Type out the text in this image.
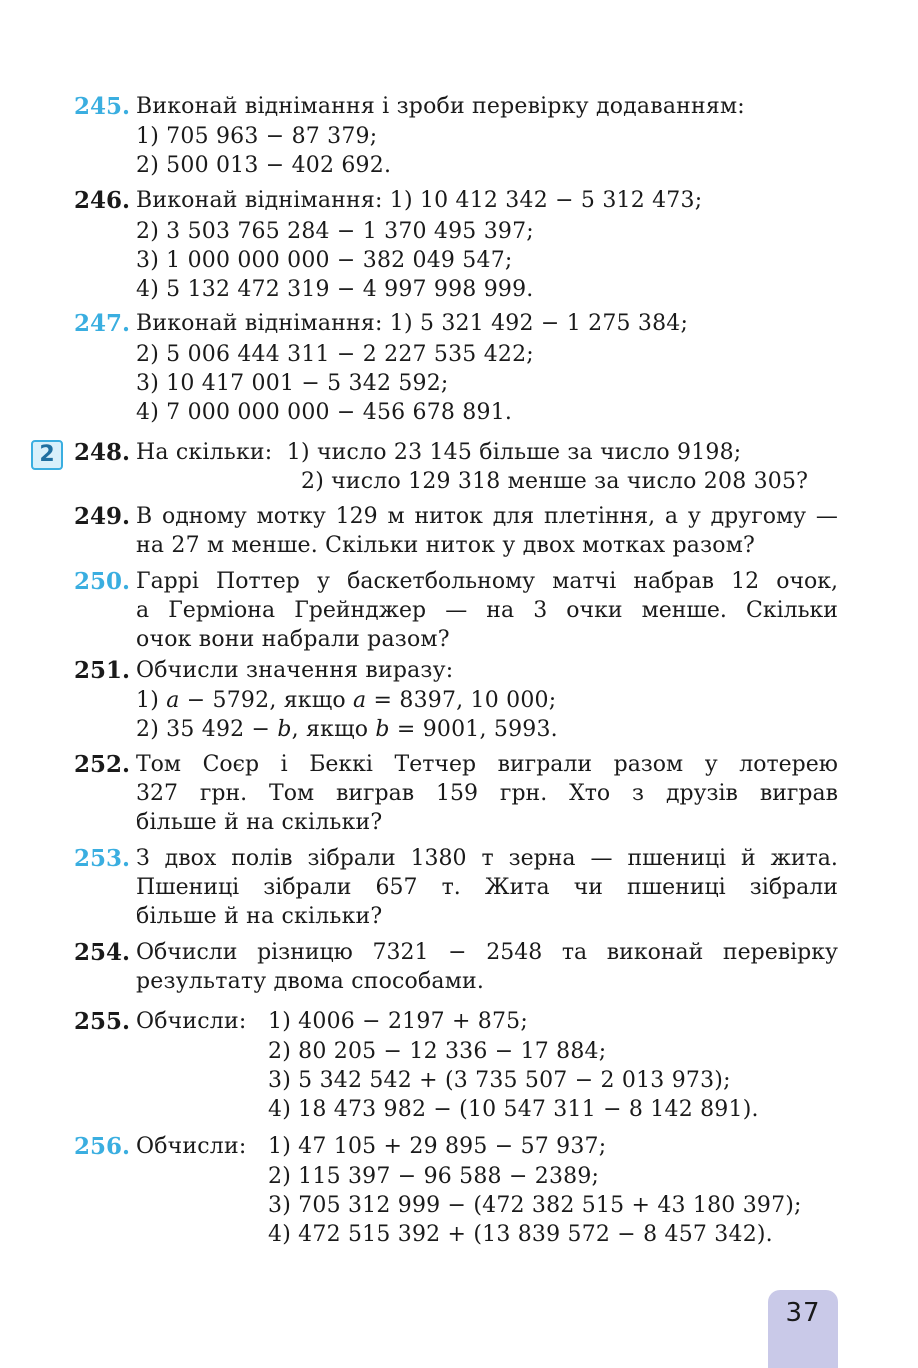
245. Виконай віднімання і зроби перевірку додаванням:
1) 705 963 − 87 379;
2) 500 013 − 402 692.
246. Виконай віднімання: 1) 10 412 342 − 5 312 473;
2) 3 503 765 284 − 1 370 495 397;
3) 1 000 000 000 − 382 049 547;
4) 5 132 472 319 − 4 997 998 999.
247. Виконай віднімання: 1) 5 321 492 − 1 275 384;
2) 5 006 444 311 − 2 227 535 422;
3) 10 417 001 − 5 342 592;
4) 7 000 000 000 − 456 678 891.
2 248. На скільки:  1) число 23 145 більше за число 9198;
2) число 129 318 менше за число 208 305?
249. В одному мотку 129 м ниток для плетіння, а у другому —
на 27 м менше. Скільки ниток у двох мотках разом?
250. Гаррі Поттер у баскетбольному матчі набрав 12 очок,
а Герміона Грейнджер — на 3 очки менше. Скільки
очок вони набрали разом?
251. Обчисли значення виразу:
1) a − 5792, якщо a = 8397, 10 000;
2) 35 492 − b, якщо b = 9001, 5993.
252. Том Соєр і Беккі Тетчер виграли разом у лотерею
327 грн. Том виграв 159 грн. Хто з друзів виграв
більше й на скільки?
253. З двох полів зібрали 1380 т зерна — пшениці й жита.
Пшениці зібрали 657 т. Жита чи пшениці зібрали
більше й на скільки?
254. Обчисли різницю 7321 − 2548 та виконай перевірку
результату двома способами.
255. Обчисли: 1) 4006 − 2197 + 875;
2) 80 205 − 12 336 − 17 884;
3) 5 342 542 + (3 735 507 − 2 013 973);
4) 18 473 982 − (10 547 311 − 8 142 891).
256. Обчисли: 1) 47 105 + 29 895 − 57 937;
2) 115 397 − 96 588 − 2389;
3) 705 312 999 − (472 382 515 + 43 180 397);
4) 472 515 392 + (13 839 572 − 8 457 342).
37
